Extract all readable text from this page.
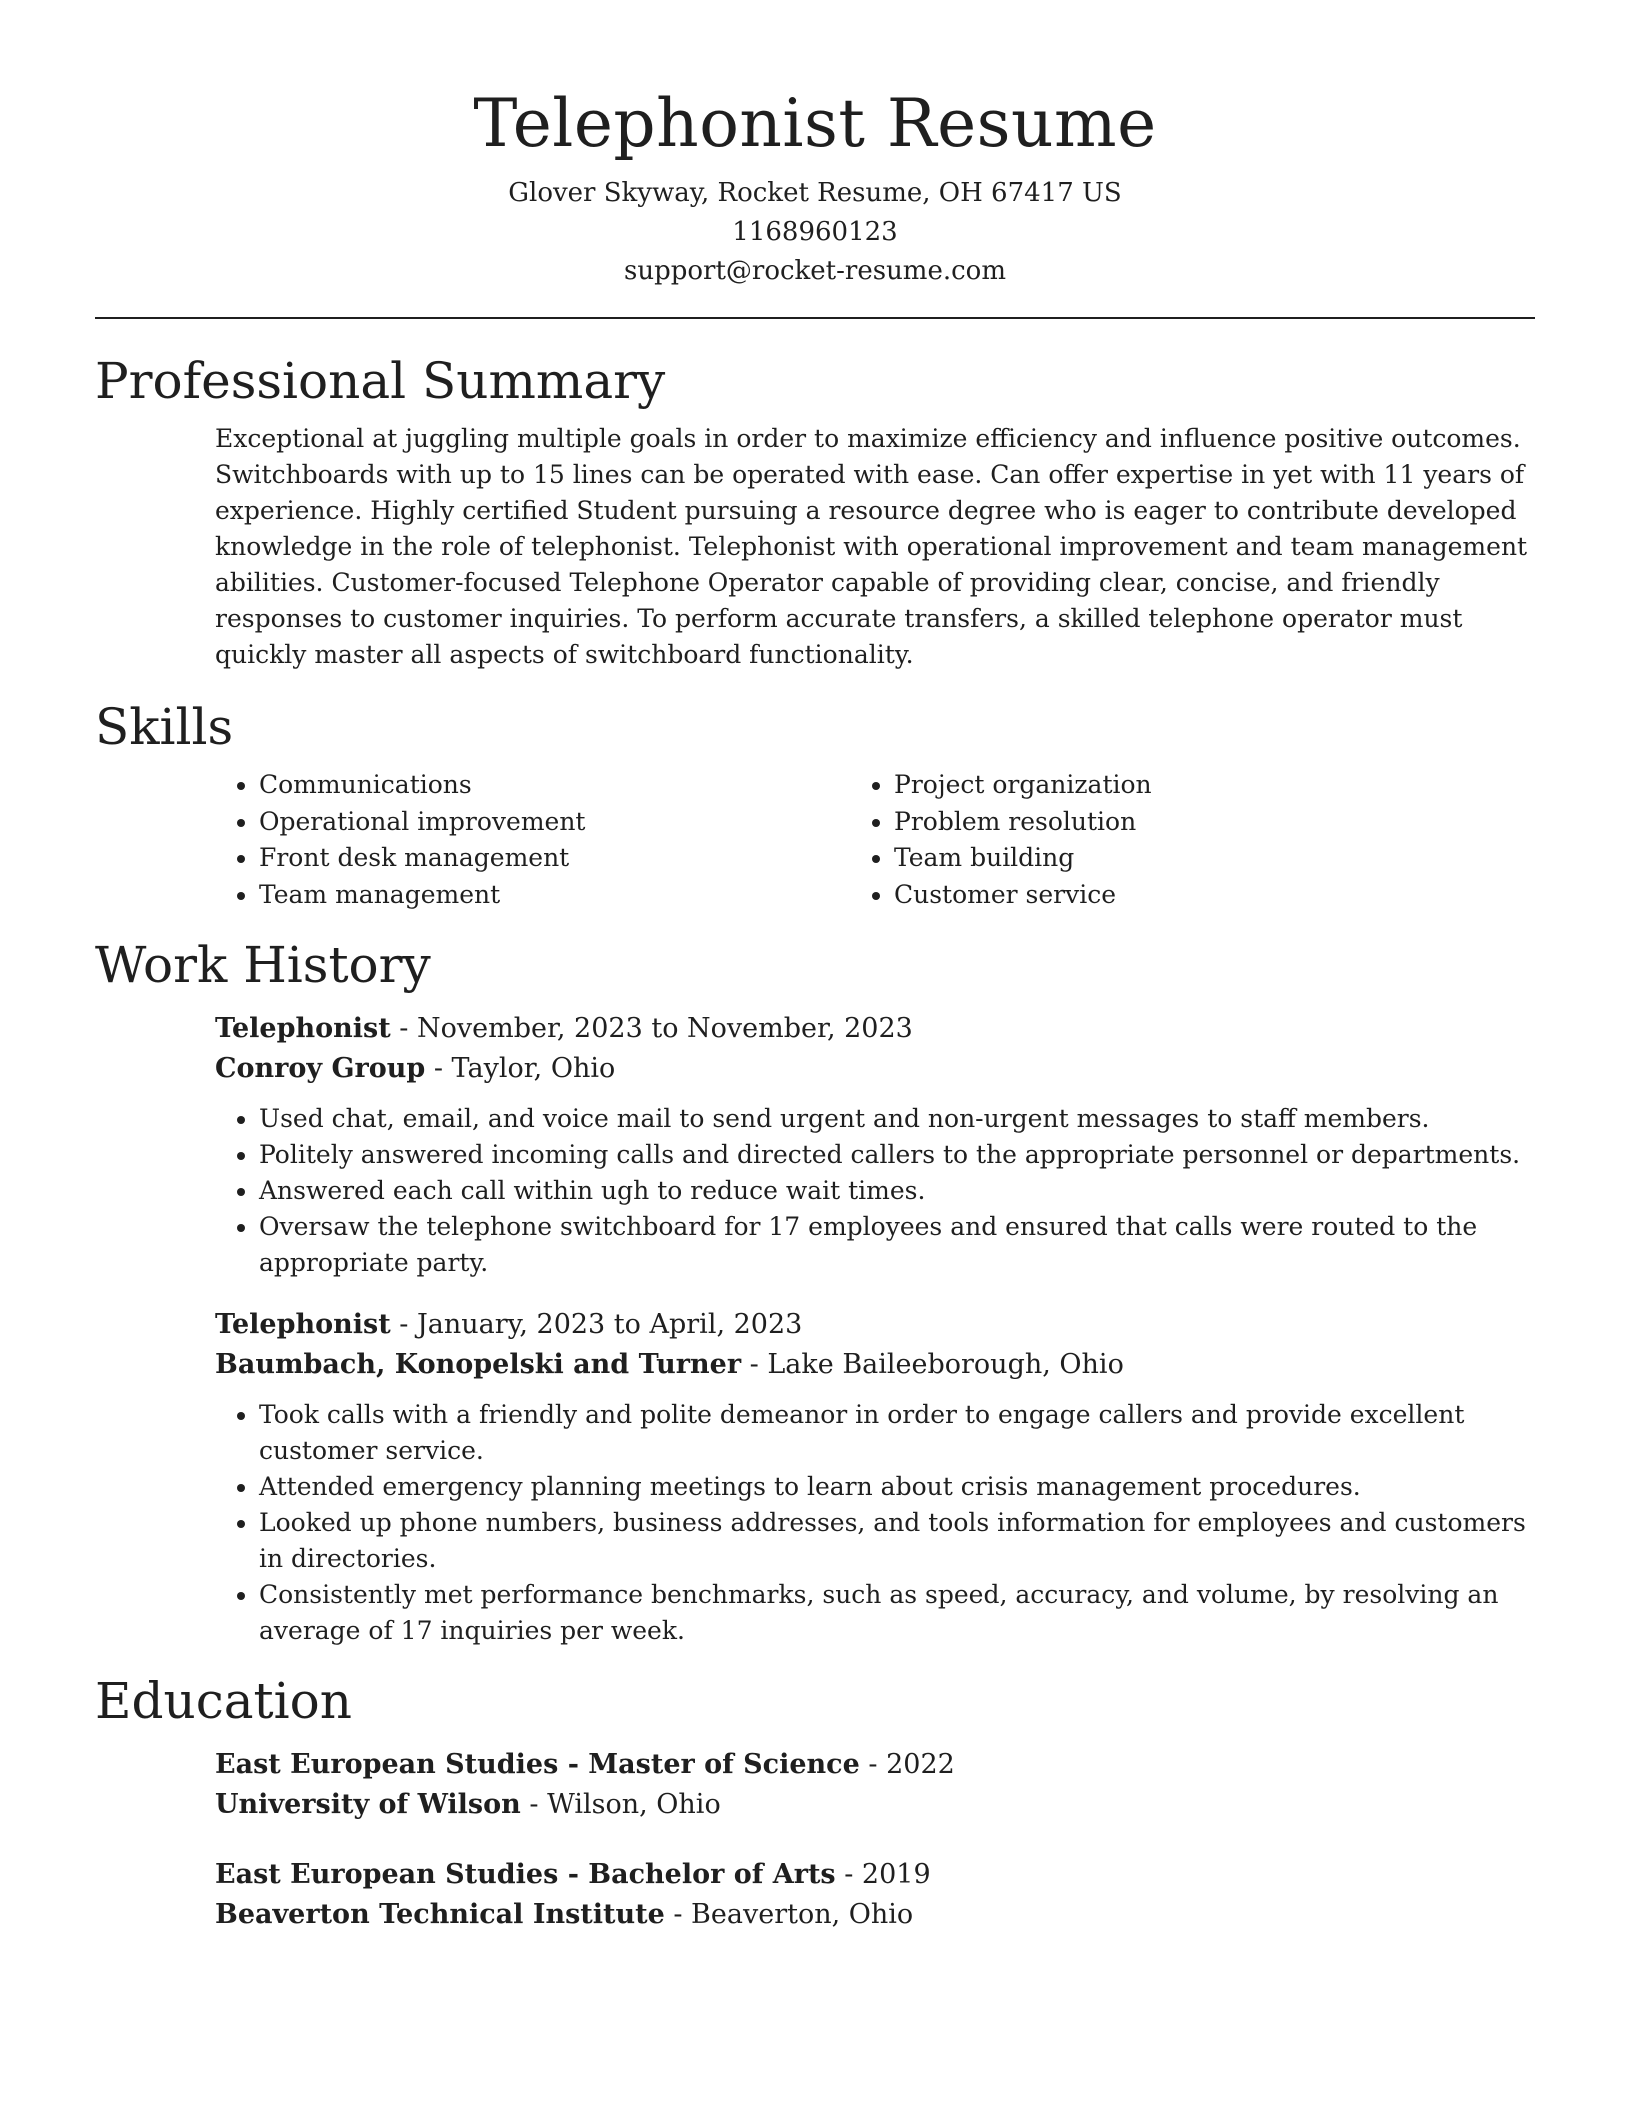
Telephonist Resume
Glover Skyway, Rocket Resume, OH 67417 US
1168960123
support@rocket-resume.com
Professional Summary

Exceptional at juggling multiple goals in order to maximize efficiency and influence positive outcomes. Switchboards with up to 15 lines can be operated with ease. Can offer expertise in yet with 11 years of experience. Highly certified Student pursuing a resource degree who is eager to contribute developed knowledge in the role of telephonist. Telephonist with operational improvement and team management abilities. Customer-focused Telephone Operator capable of providing clear, concise, and friendly responses to customer inquiries. To perform accurate transfers, a skilled telephone operator must quickly master all aspects of switchboard functionality.

Skills
• Communications
• Operational improvement
• Front desk management
• Team management
• Project organization
• Problem resolution
• Team building
• Customer service
Work History
Telephonist - November, 2023 to November, 2023
Conroy Group - Taylor, Ohio
• Used chat, email, and voice mail to send urgent and non-urgent messages to staff members.
• Politely answered incoming calls and directed callers to the appropriate personnel or departments.
• Answered each call within ugh to reduce wait times.
• Oversaw the telephone switchboard for 17 employees and ensured that calls were routed to the appropriate party.
Telephonist - January, 2023 to April, 2023
Baumbach, Konopelski and Turner - Lake Baileeborough, Ohio
• Took calls with a friendly and polite demeanor in order to engage callers and provide excellent customer service.
• Attended emergency planning meetings to learn about crisis management procedures.
• Looked up phone numbers, business addresses, and tools information for employees and customers in directories.
• Consistently met performance benchmarks, such as speed, accuracy, and volume, by resolving an average of 17 inquiries per week.
Education
East European Studies - Master of Science - 2022
University of Wilson - Wilson, Ohio
East European Studies - Bachelor of Arts - 2019
Beaverton Technical Institute - Beaverton, Ohio
